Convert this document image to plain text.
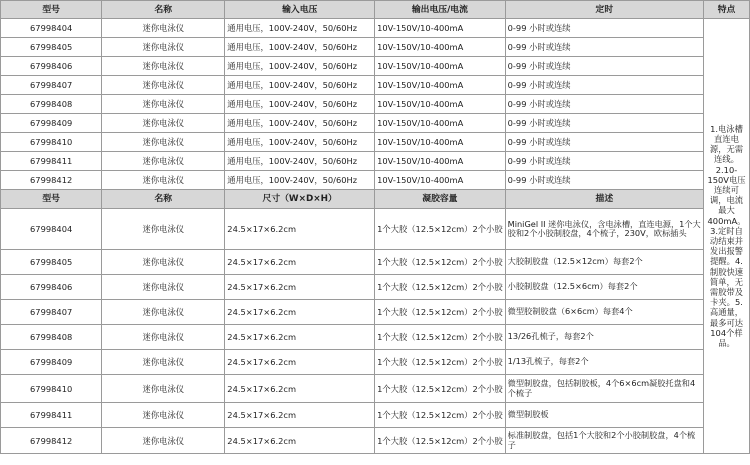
型号	名称	输入电压	输出电压/电流	定时	特点
67998404	迷你电泳仪	通用电压，100V-240V，50/60Hz	10V-150V/10-400mA	0-99 小时或连续	1.电泳槽直连电源，无需连线。2.10-150V电压连续可调，电流最大400mA。3.定时自动结束并发出报警提醒。4.制胶快速简单，无需胶带及卡夹。5.高通量，最多可达104个样品。
67998405	迷你电泳仪	通用电压，100V-240V，50/60Hz	10V-150V/10-400mA	0-99 小时或连续	
67998406	迷你电泳仪	通用电压，100V-240V，50/60Hz	10V-150V/10-400mA	0-99 小时或连续	
67998407	迷你电泳仪	通用电压，100V-240V，50/60Hz	10V-150V/10-400mA	0-99 小时或连续	
67998408	迷你电泳仪	通用电压，100V-240V，50/60Hz	10V-150V/10-400mA	0-99 小时或连续	
67998409	迷你电泳仪	通用电压，100V-240V，50/60Hz	10V-150V/10-400mA	0-99 小时或连续	
67998410	迷你电泳仪	通用电压，100V-240V，50/60Hz	10V-150V/10-400mA	0-99 小时或连续	
67998411	迷你电泳仪	通用电压，100V-240V，50/60Hz	10V-150V/10-400mA	0-99 小时或连续	
67998412	迷你电泳仪	通用电压，100V-240V，50/60Hz	10V-150V/10-400mA	0-99 小时或连续	
型号	名称	尺寸（W×D×H）	凝胶容量	描述	
67998404	迷你电泳仪	24.5×17×6.2cm	1个大胶（12.5×12cm）2个小胶	MiniGel II 迷你电泳仪，含电泳槽，直连电源，1个大胶和2个小胶制胶盘，4个梳子，230V，欧标插头	
67998405	迷你电泳仪	24.5×17×6.2cm	1个大胶（12.5×12cm）2个小胶	大胶制胶盘（12.5×12cm）每套2个	
67998406	迷你电泳仪	24.5×17×6.2cm	1个大胶（12.5×12cm）2个小胶	小胶制胶盘（12.5×6cm）每套2个	
67998407	迷你电泳仪	24.5×17×6.2cm	1个大胶（12.5×12cm）2个小胶	微型胶制胶盘（6×6cm）每套4个	
67998408	迷你电泳仪	24.5×17×6.2cm	1个大胶（12.5×12cm）2个小胶	13/26孔梳子，每套2个	
67998409	迷你电泳仪	24.5×17×6.2cm	1个大胶（12.5×12cm）2个小胶	1/13孔梳子，每套2个	
67998410	迷你电泳仪	24.5×17×6.2cm	1个大胶（12.5×12cm）2个小胶	微型制胶盘，包括制胶板，4个6×6cm凝胶托盘和4个梳子	
67998411	迷你电泳仪	24.5×17×6.2cm	1个大胶（12.5×12cm）2个小胶	微型制胶板	
67998412	迷你电泳仪	24.5×17×6.2cm	1个大胶（12.5×12cm）2个小胶	标准制胶盘，包括1个大胶和2个小胶制胶盘，4个梳子	
